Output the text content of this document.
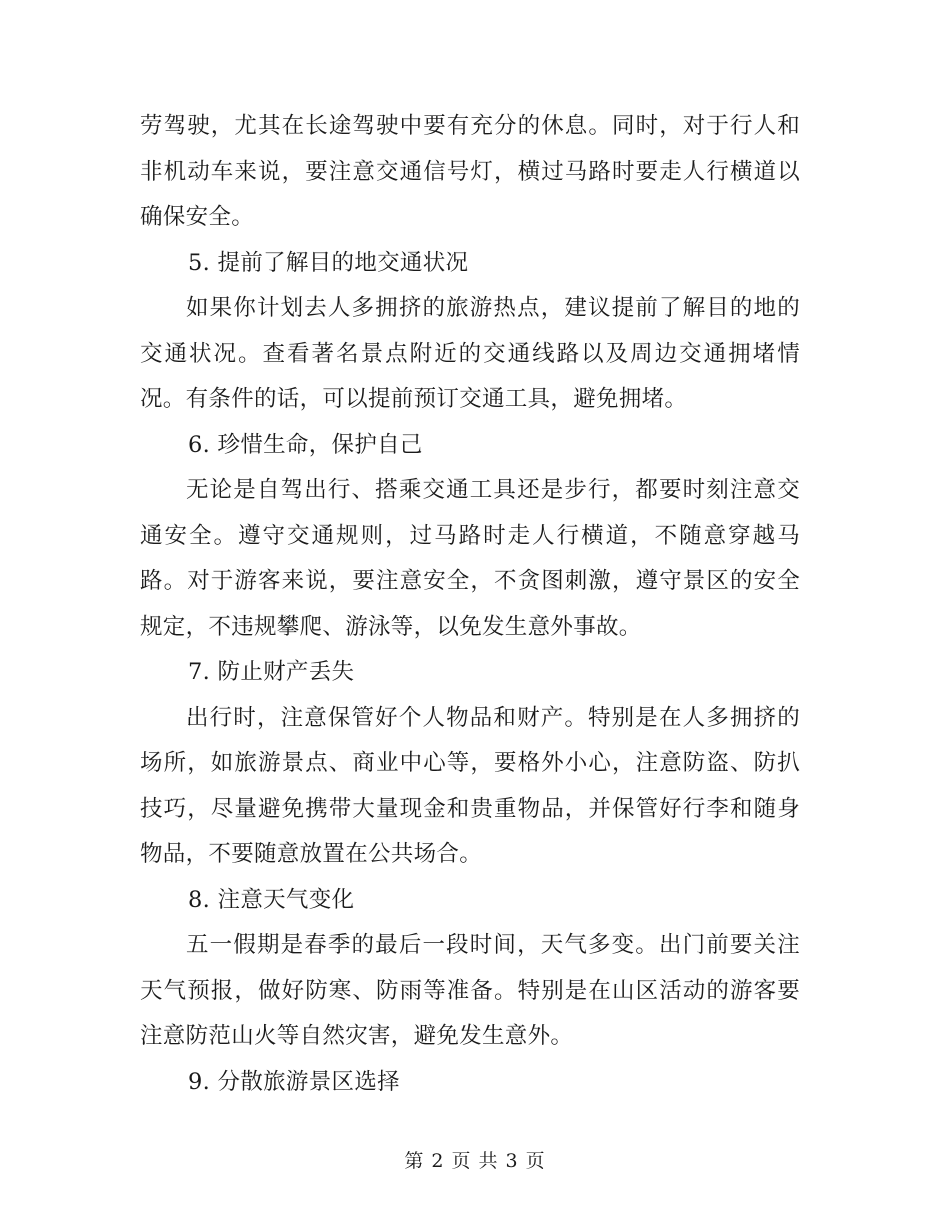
劳驾驶，尤其在长途驾驶中要有充分的休息。同时，对于行人和非机动车来说，要注意交通信号灯，横过马路时要走人行横道以确保安全。

5. 提前了解目的地交通状况

如果你计划去人多拥挤的旅游热点，建议提前了解目的地的交通状况。查看著名景点附近的交通线路以及周边交通拥堵情况。有条件的话，可以提前预订交通工具，避免拥堵。

6. 珍惜生命，保护自己

无论是自驾出行、搭乘交通工具还是步行，都要时刻注意交通安全。遵守交通规则，过马路时走人行横道，不随意穿越马路。对于游客来说，要注意安全，不贪图刺激，遵守景区的安全规定，不违规攀爬、游泳等，以免发生意外事故。

7. 防止财产丢失

出行时，注意保管好个人物品和财产。特别是在人多拥挤的场所，如旅游景点、商业中心等，要格外小心，注意防盗、防扒技巧，尽量避免携带大量现金和贵重物品，并保管好行李和随身物品，不要随意放置在公共场合。

8. 注意天气变化

五一假期是春季的最后一段时间，天气多变。出门前要关注天气预报，做好防寒、防雨等准备。特别是在山区活动的游客要注意防范山火等自然灾害，避免发生意外。

9. 分散旅游景区选择

第 2 页 共 3 页
